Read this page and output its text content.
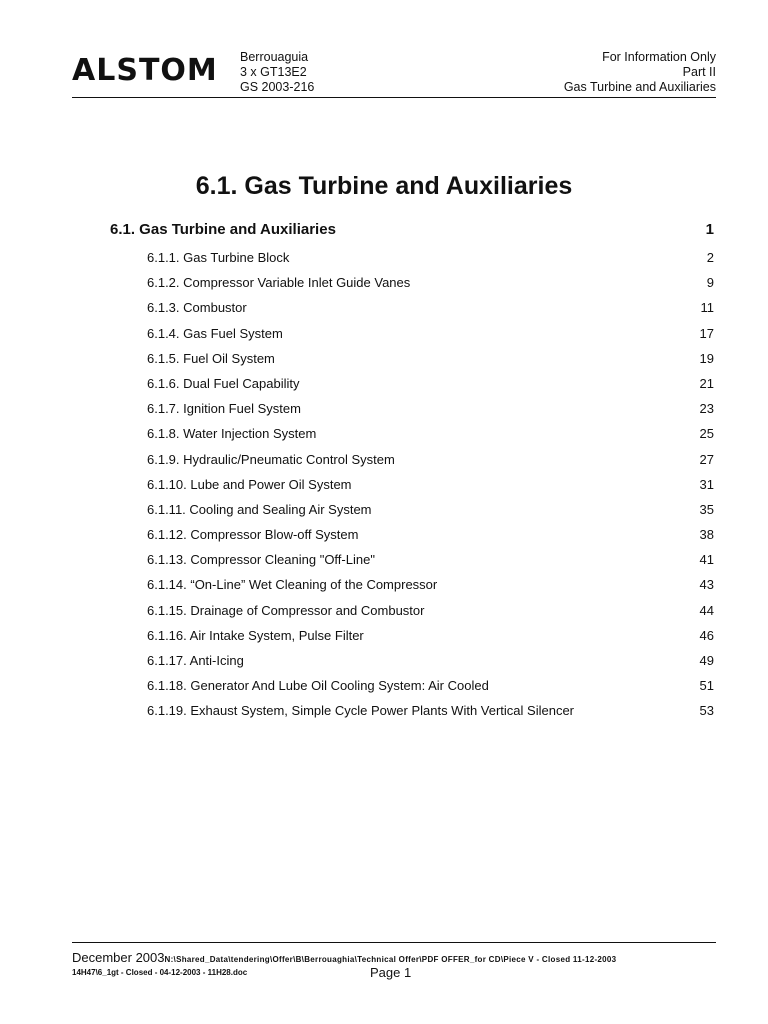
ALSTOM Berrouaguia
3 x GT13E2
GS 2003-216
For Information Only
Part II
Gas Turbine and Auxiliaries
6.1. Gas Turbine and Auxiliaries
6.1. Gas Turbine and Auxiliaries	1
6.1.1. Gas Turbine Block	2
6.1.2. Compressor Variable Inlet Guide Vanes	9
6.1.3. Combustor	11
6.1.4. Gas Fuel System	17
6.1.5. Fuel Oil System	19
6.1.6. Dual Fuel Capability	21
6.1.7. Ignition Fuel System	23
6.1.8. Water Injection System	25
6.1.9. Hydraulic/Pneumatic Control System	27
6.1.10. Lube and Power Oil System	31
6.1.11. Cooling and Sealing Air System	35
6.1.12. Compressor Blow-off System	38
6.1.13. Compressor Cleaning "Off-Line"	41
6.1.14. “On-Line” Wet Cleaning of the Compressor	43
6.1.15. Drainage of Compressor and Combustor	44
6.1.16. Air Intake System, Pulse Filter	46
6.1.17. Anti-Icing	49
6.1.18. Generator And Lube Oil Cooling System: Air Cooled	51
6.1.19. Exhaust System, Simple Cycle Power Plants With Vertical Silencer	53
December 2003N:\Shared_Data\tendering\Offer\B\Berrouaghia\Technical Offer\PDF OFFER_for CD\Piece V - Closed 11-12-2003
14H47\6_1gt - Closed - 04-12-2003 - 11H28.doc	Page 1
